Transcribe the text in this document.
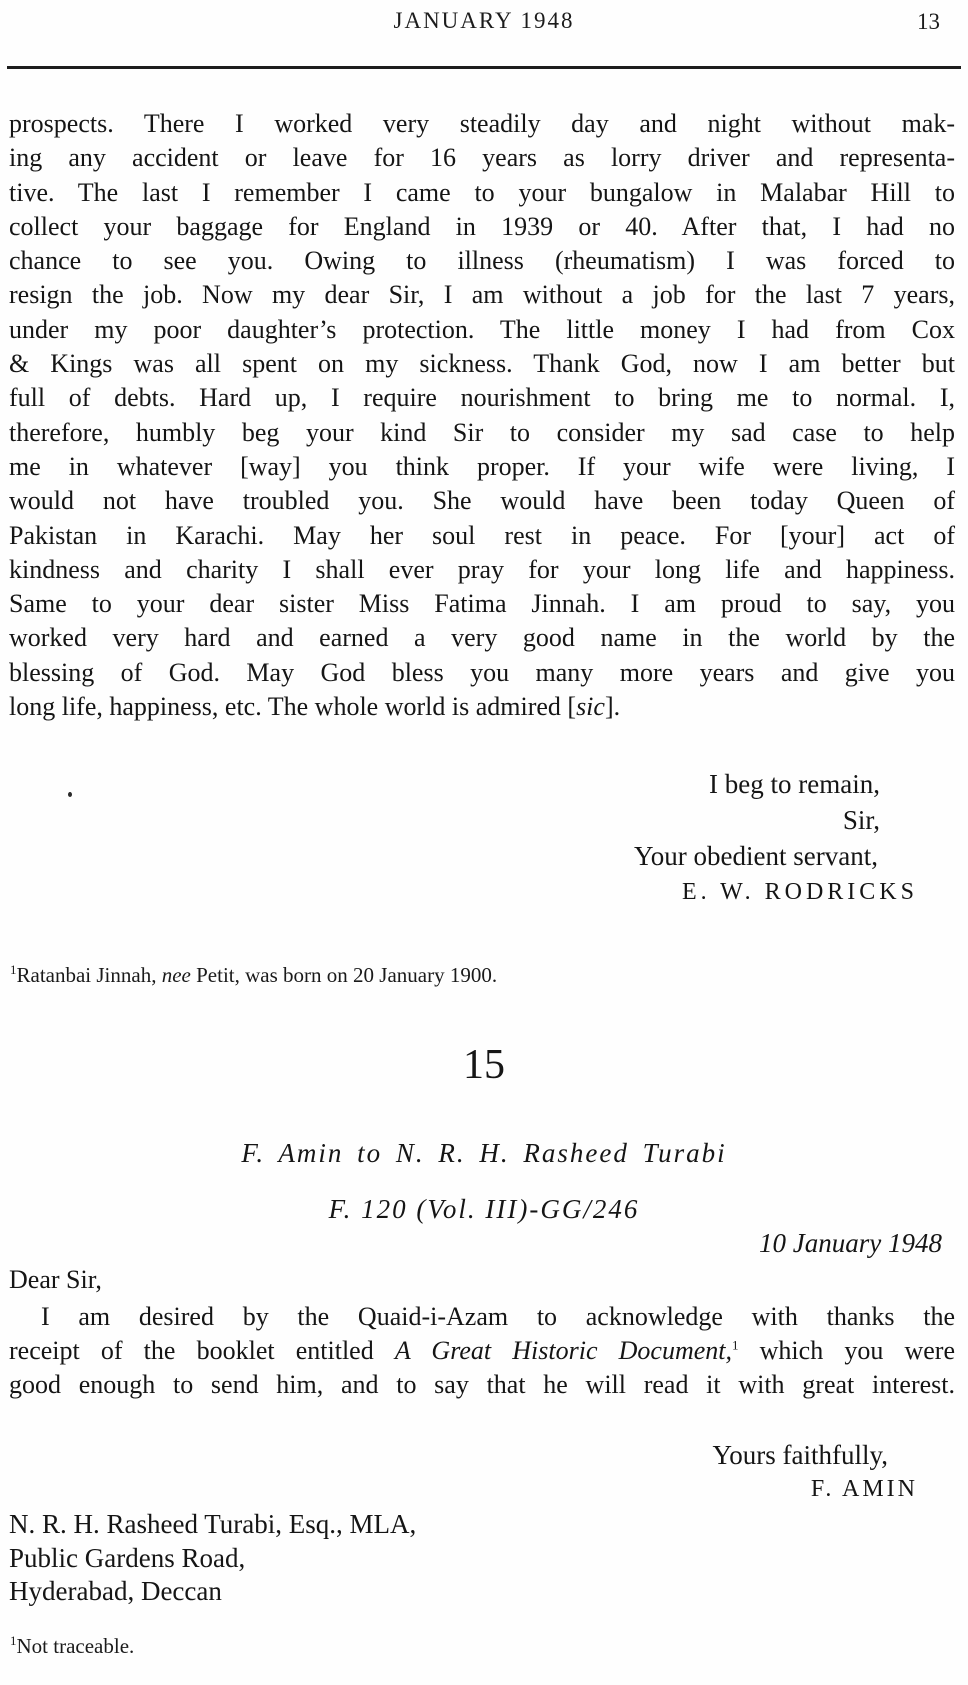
JANUARY 1948	13
prospects. There I worked very steadily day and night without mak-
ing any accident or leave for 16 years as lorry driver and representa-
tive. The last I remember I came to your bungalow in Malabar Hill to
collect your baggage for England in 1939 or 40. After that, I had no
chance to see you. Owing to illness (rheumatism) I was forced to
resign the job. Now my dear Sir, I am without a job for the last 7 years,
under my poor daughter’s protection. The little money I had from Cox
& Kings was all spent on my sickness. Thank God, now I am better but
full of debts. Hard up, I require nourishment to bring me to normal. I,
therefore, humbly beg your kind Sir to consider my sad case to help
me in whatever [way] you think proper. If your wife were living, I
would not have troubled you. She would have been today Queen of
Pakistan in Karachi. May her soul rest in peace. For [your] act of
kindness and charity I shall ever pray for your long life and happiness.
Same to your dear sister Miss Fatima Jinnah. I am proud to say, you
worked very hard and earned a very good name in the world by the
blessing of God. May God bless you many more years and give you
long life, happiness, etc. The whole world is admired [sic].
I beg to remain,
Sir,
Your obedient servant,
E. W. RODRICKS
$^1$Ratanbai Jinnah, nee Petit, was born on 20 January 1900.
15
F. Amin to N. R. H. Rasheed Turabi
F. 120 (Vol. III)-GG/246
10 January 1948
Dear Sir,
I am desired by the Quaid-i-Azam to acknowledge with thanks the
receipt of the booklet entitled A Great Historic Document,$^1$ which you were
good enough to send him, and to say that he will read it with great interest.
Yours faithfully,
F. AMIN
N. R. H. Rasheed Turabi, Esq., MLA,
Public Gardens Road,
Hyderabad, Deccan
$^1$Not traceable.
